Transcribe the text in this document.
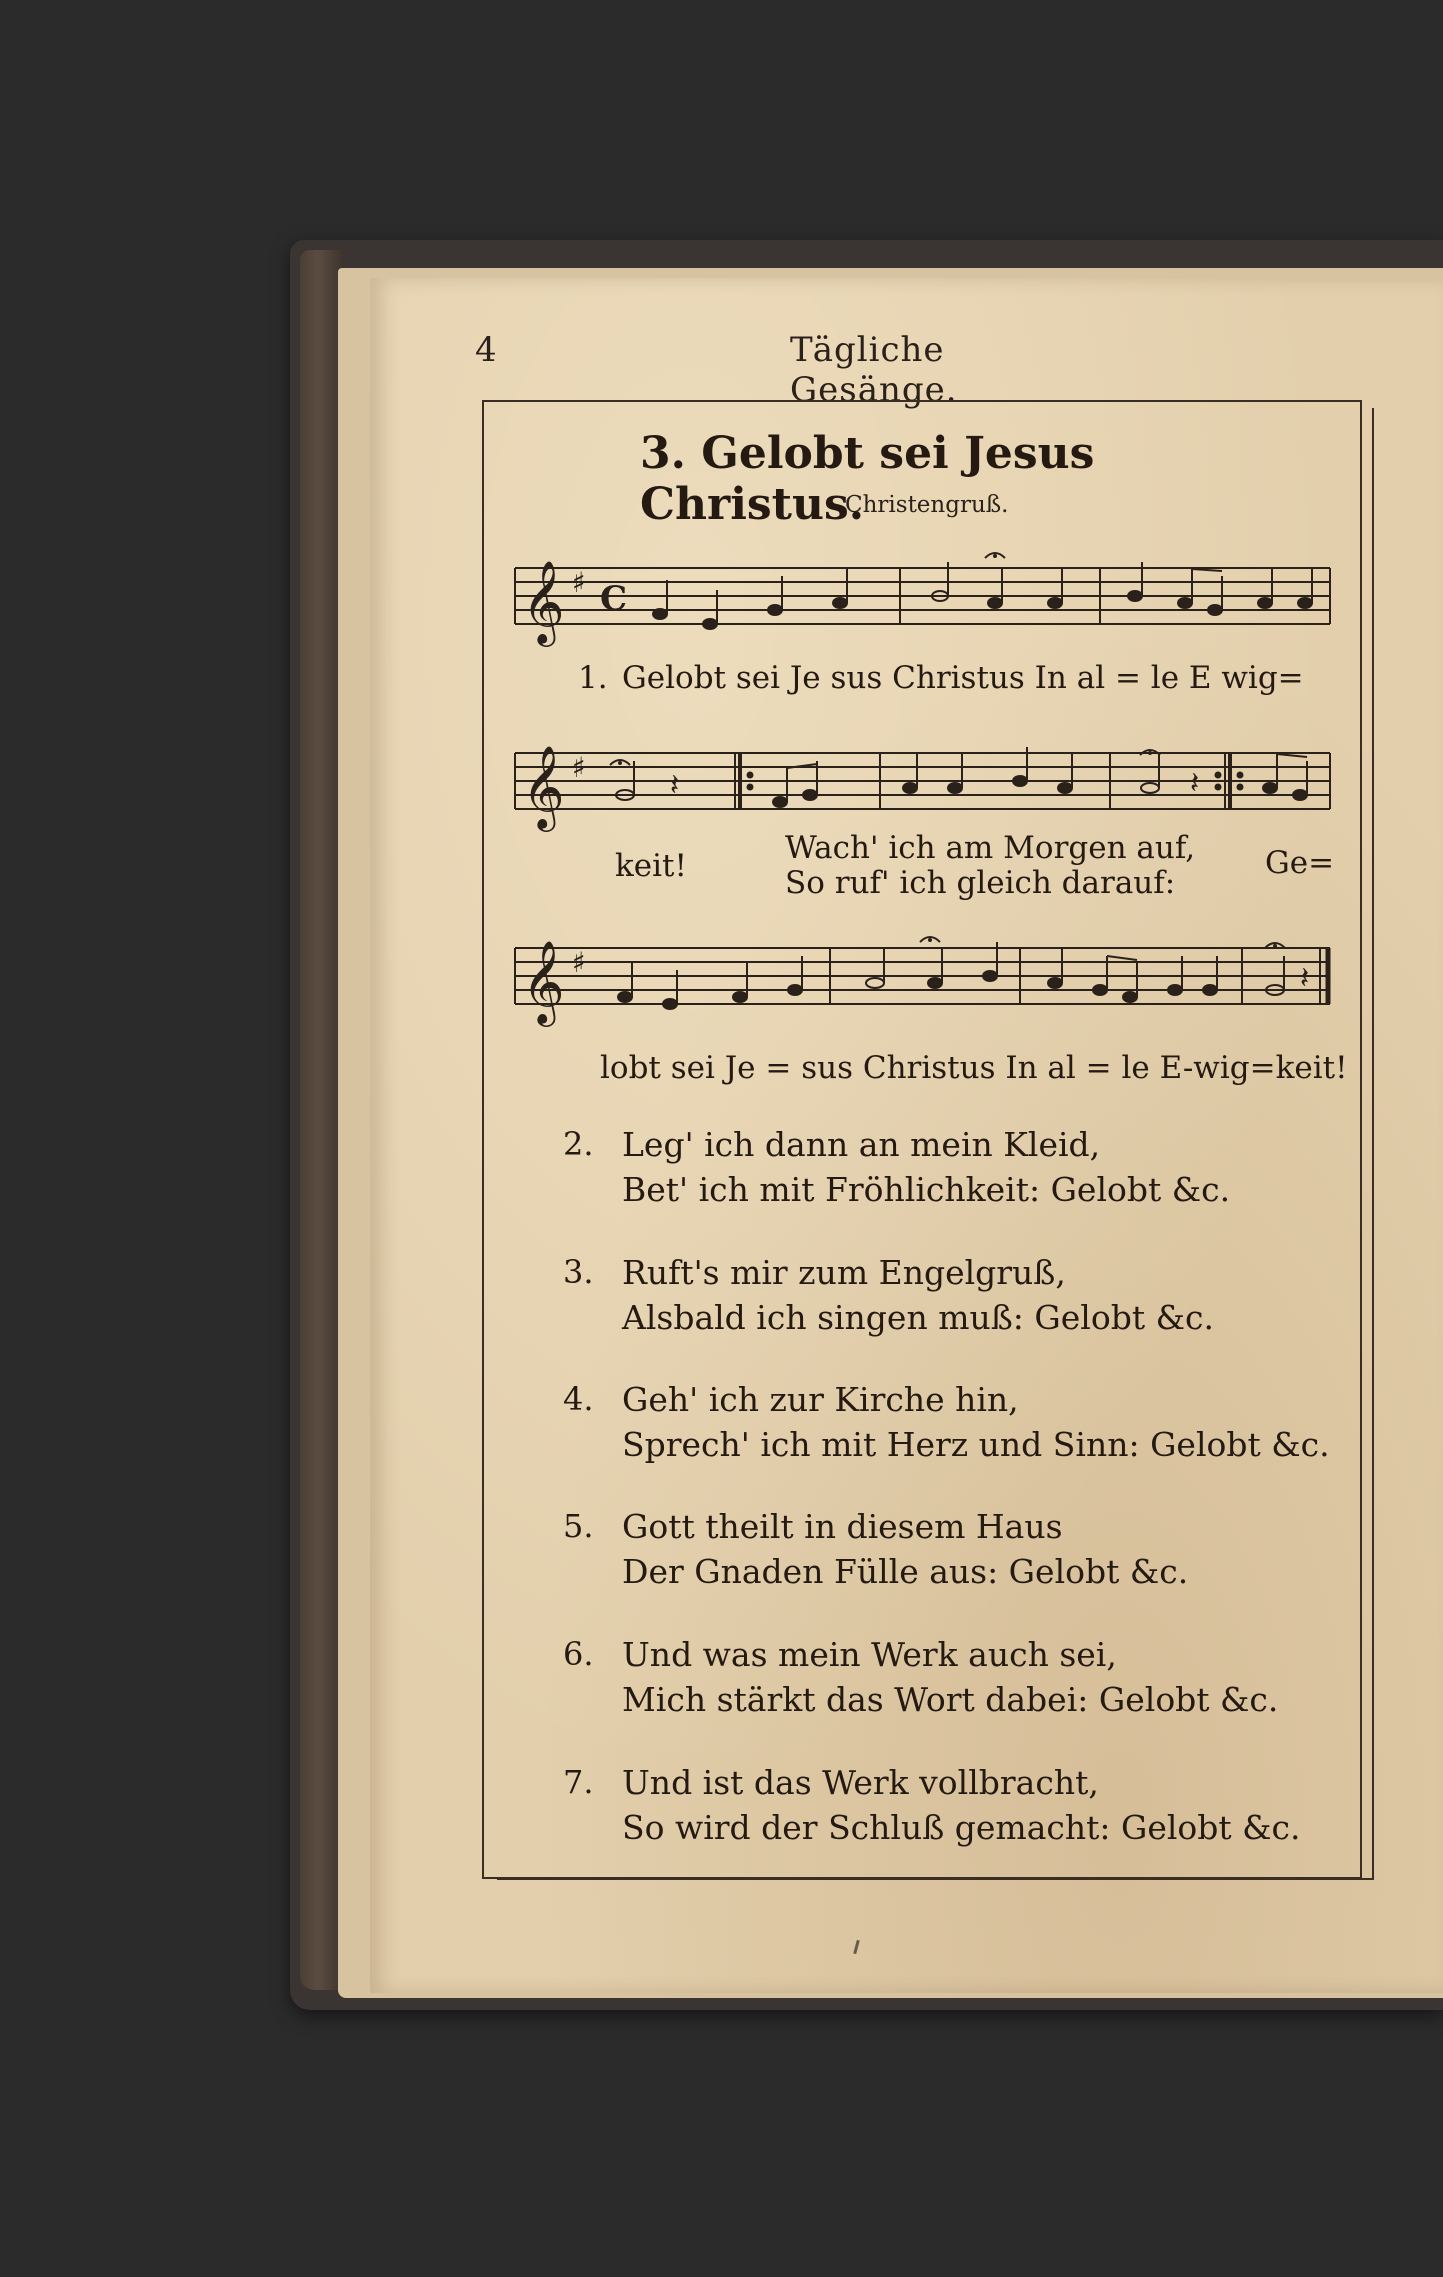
4	Tägliche Gesänge.
3. Gelobt sei Jesus Christus.
Christengruß.
𝄞 ♯ C
1. Gelobt sei Je sus Christus In al = le E wig=
𝄞 ♯
𝄽	𝄽
keit!	Wach' ich am Morgen auf,
So ruf' ich gleich darauf:
Ge=
𝄞 ♯	𝄽
lobt sei Je = sus Christus In al = le E-wig=keit!
2. Leg' ich dann an mein Kleid,
Bet' ich mit Fröhlichkeit: Gelobt &c.
3. Ruft's mir zum Engelgruß,
Alsbald ich singen muß: Gelobt &c.
4. Geh' ich zur Kirche hin,
Sprech' ich mit Herz und Sinn: Gelobt &c.
5. Gott theilt in diesem Haus
Der Gnaden Fülle aus: Gelobt &c.
6. Und was mein Werk auch sei,
Mich stärkt das Wort dabei: Gelobt &c.
7. Und ist das Werk vollbracht,
So wird der Schluß gemacht: Gelobt &c.
